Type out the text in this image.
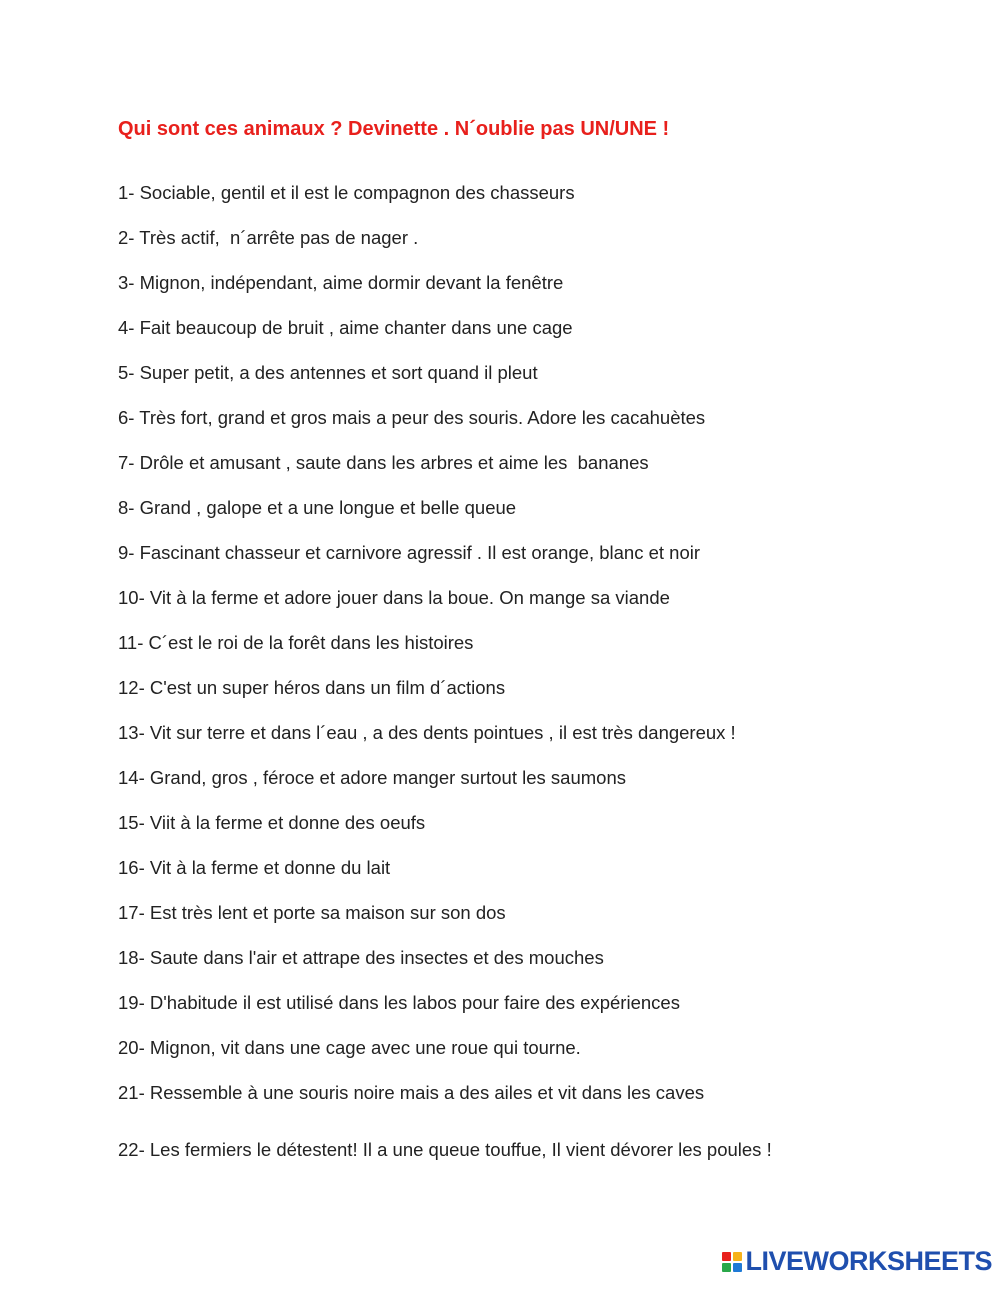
Qui sont ces animaux ? Devinette . N´oublie pas UN/UNE !
1- Sociable, gentil et il est le compagnon des chasseurs
2- Très actif,  n´arrête pas de nager .
3- Mignon, indépendant, aime dormir devant la fenêtre
4- Fait beaucoup de bruit , aime chanter dans une cage
5- Super petit, a des antennes et sort quand il pleut
6- Très fort, grand et gros mais a peur des souris. Adore les cacahuètes
7- Drôle et amusant , saute dans les arbres et aime les  bananes
8- Grand , galope et a une longue et belle queue
9- Fascinant chasseur et carnivore agressif . Il est orange, blanc et noir
10- Vit à la ferme et adore jouer dans la boue. On mange sa viande
11- C´est le roi de la forêt dans les histoires
12- C'est un super héros dans un film d´actions
13- Vit sur terre et dans l´eau , a des dents pointues , il est très dangereux !
14- Grand, gros , féroce et adore manger surtout les saumons
15- Viit à la ferme et donne des oeufs
16- Vit à la ferme et donne du lait
17- Est très lent et porte sa maison sur son dos
18- Saute dans l'air et attrape des insectes et des mouches
19- D'habitude il est utilisé dans les labos pour faire des expériences
20- Mignon, vit dans une cage avec une roue qui tourne.
21- Ressemble à une souris noire mais a des ailes et vit dans les caves
22- Les fermiers le détestent! Il a une queue touffue, Il vient dévorer les poules !
LIVEWORKSHEETS
